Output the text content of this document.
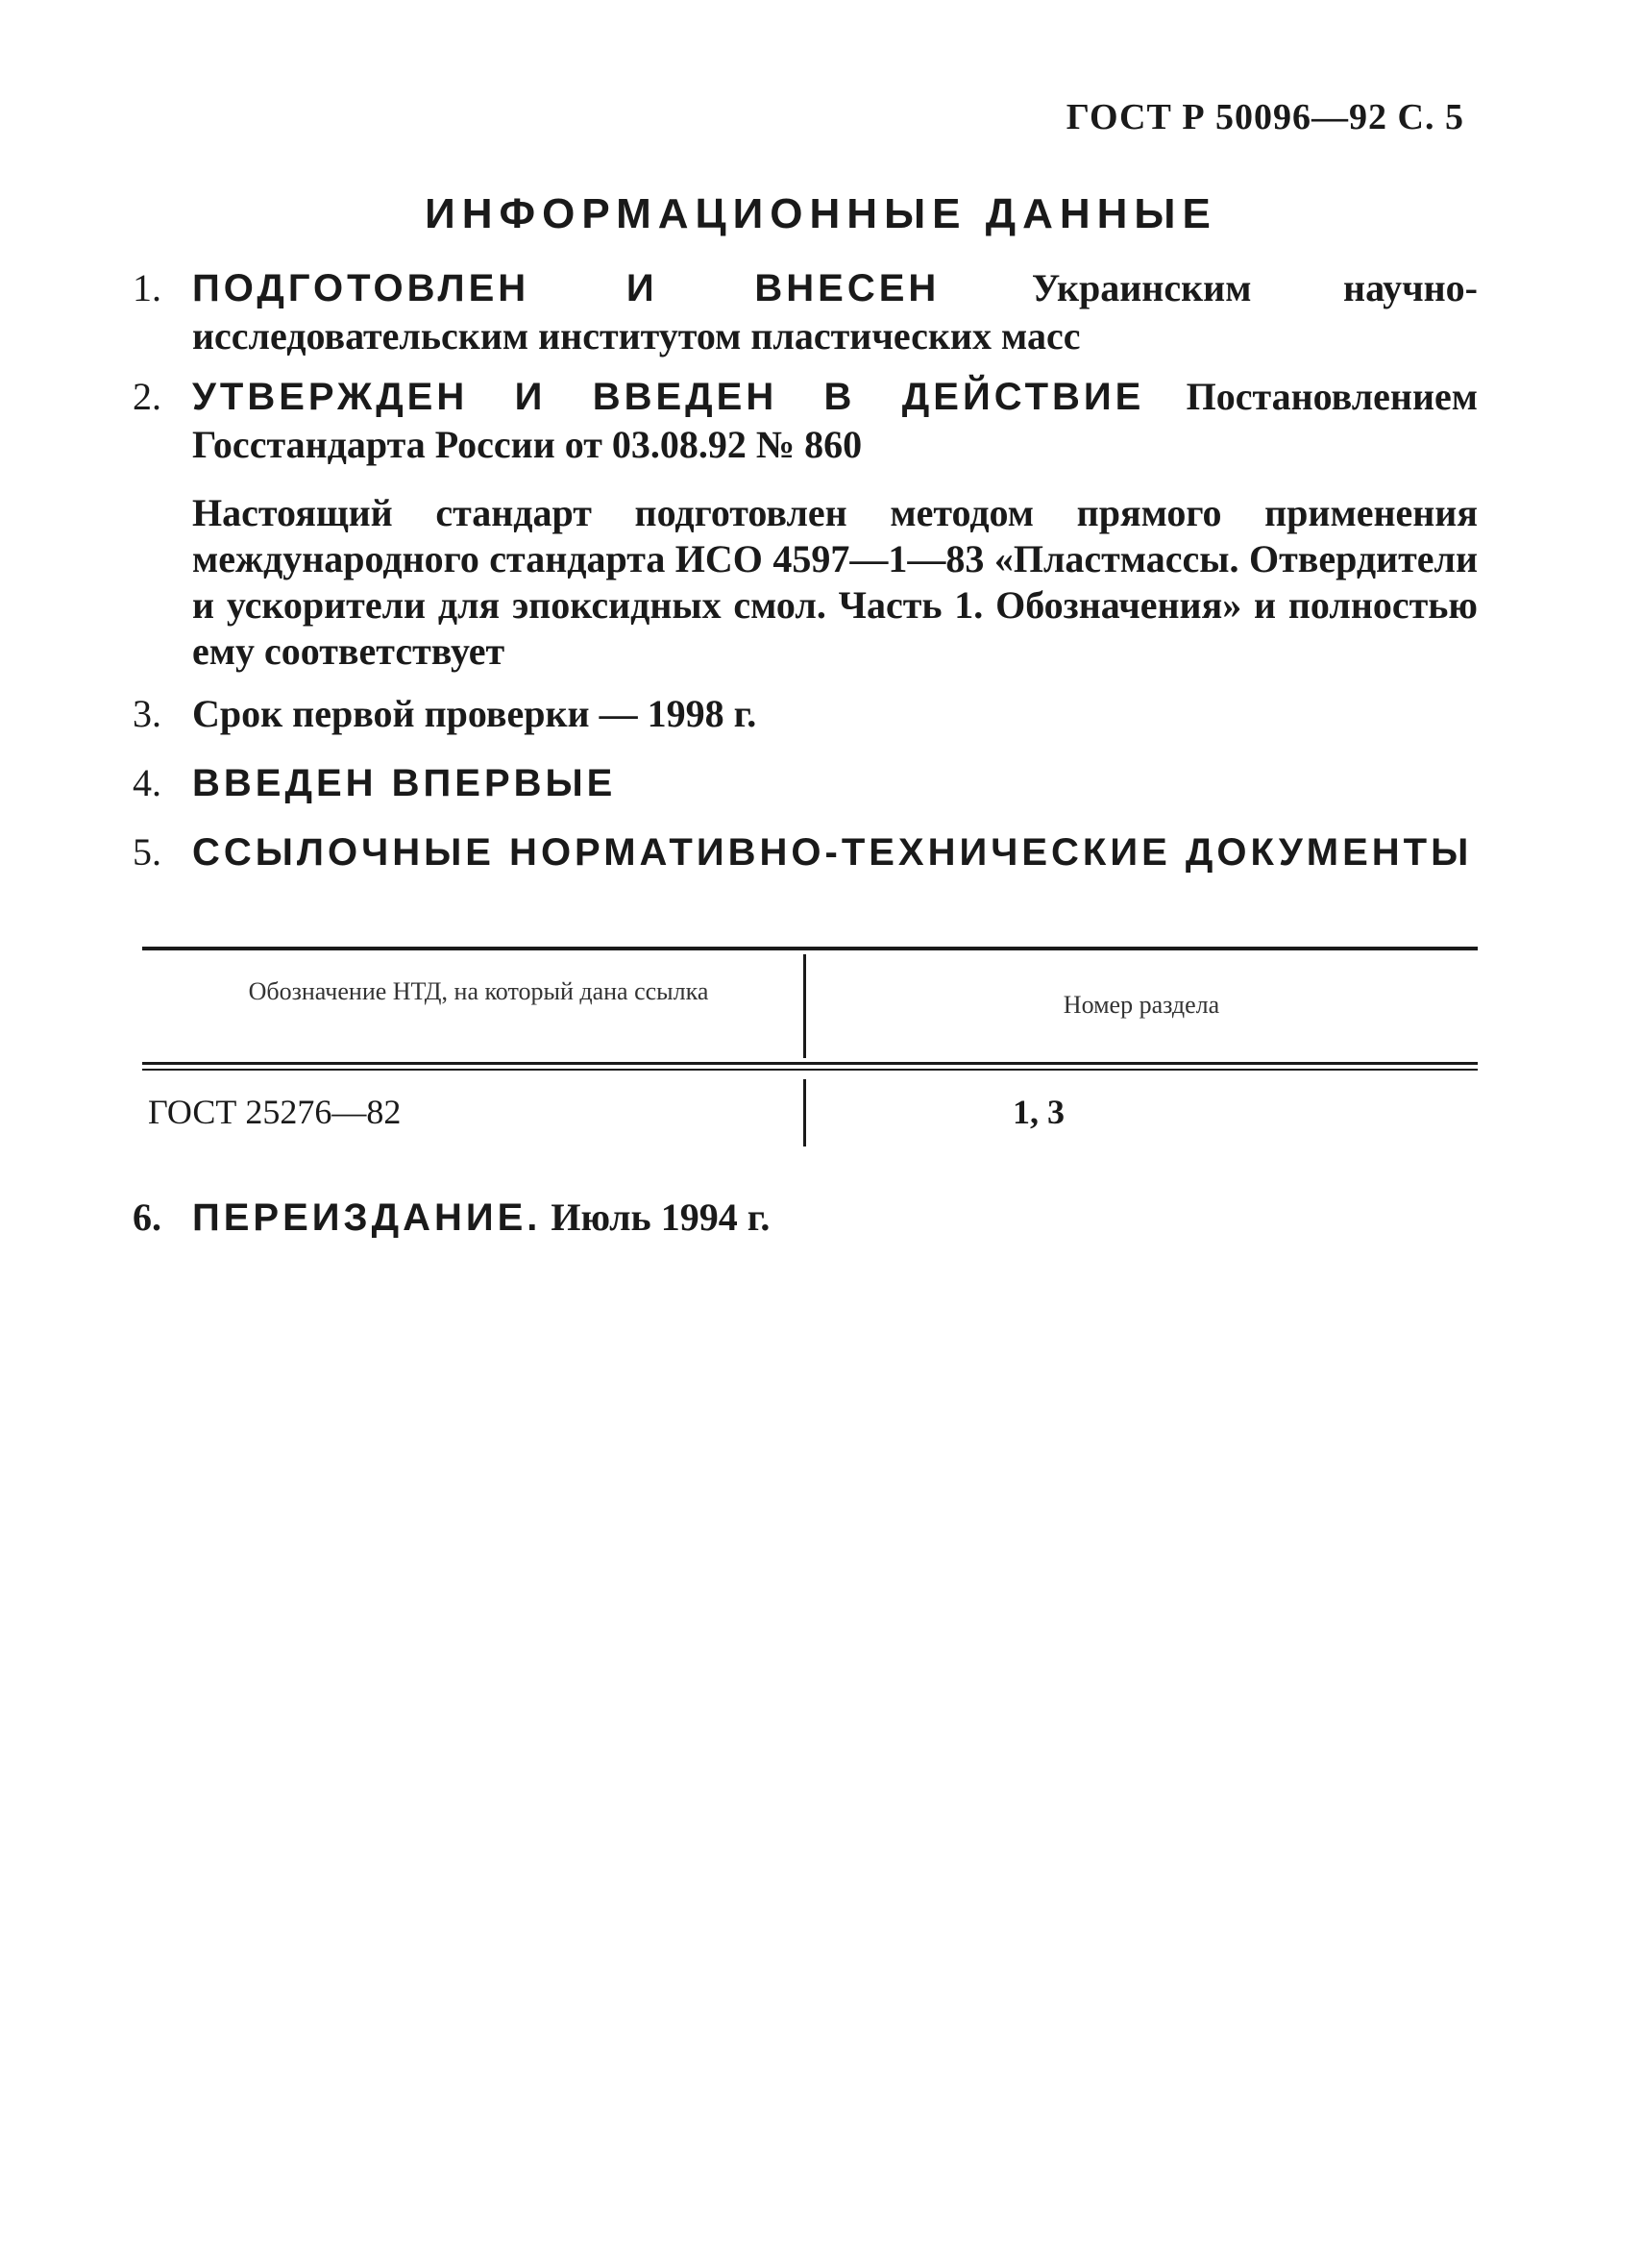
ГОСТ Р 50096—92 С. 5
ИНФОРМАЦИОННЫЕ ДАННЫЕ
1. ПОДГОТОВЛЕН И ВНЕСЕН Украинским научно-исследовательским институтом пластических масс
2. УТВЕРЖДЕН И ВВЕДЕН В ДЕЙСТВИЕ Постановлением Госстандарта России от 03.08.92 № 860
Настоящий стандарт подготовлен методом прямого применения международного стандарта ИСО 4597—1—83 «Пластмассы. Отвердители и ускорители для эпоксидных смол. Часть 1. Обозначения» и полностью ему соответствует
3. Срок первой проверки — 1998 г.
4. ВВЕДЕН ВПЕРВЫЕ
5. ССЫЛОЧНЫЕ НОРМАТИВНО-ТЕХНИЧЕСКИЕ ДОКУМЕНТЫ
Обозначение НТД, на который дана ссылка	Номер раздела
ГОСТ 25276—82	1, 3
6. ПЕРЕИЗДАНИЕ. Июль 1994 г.
